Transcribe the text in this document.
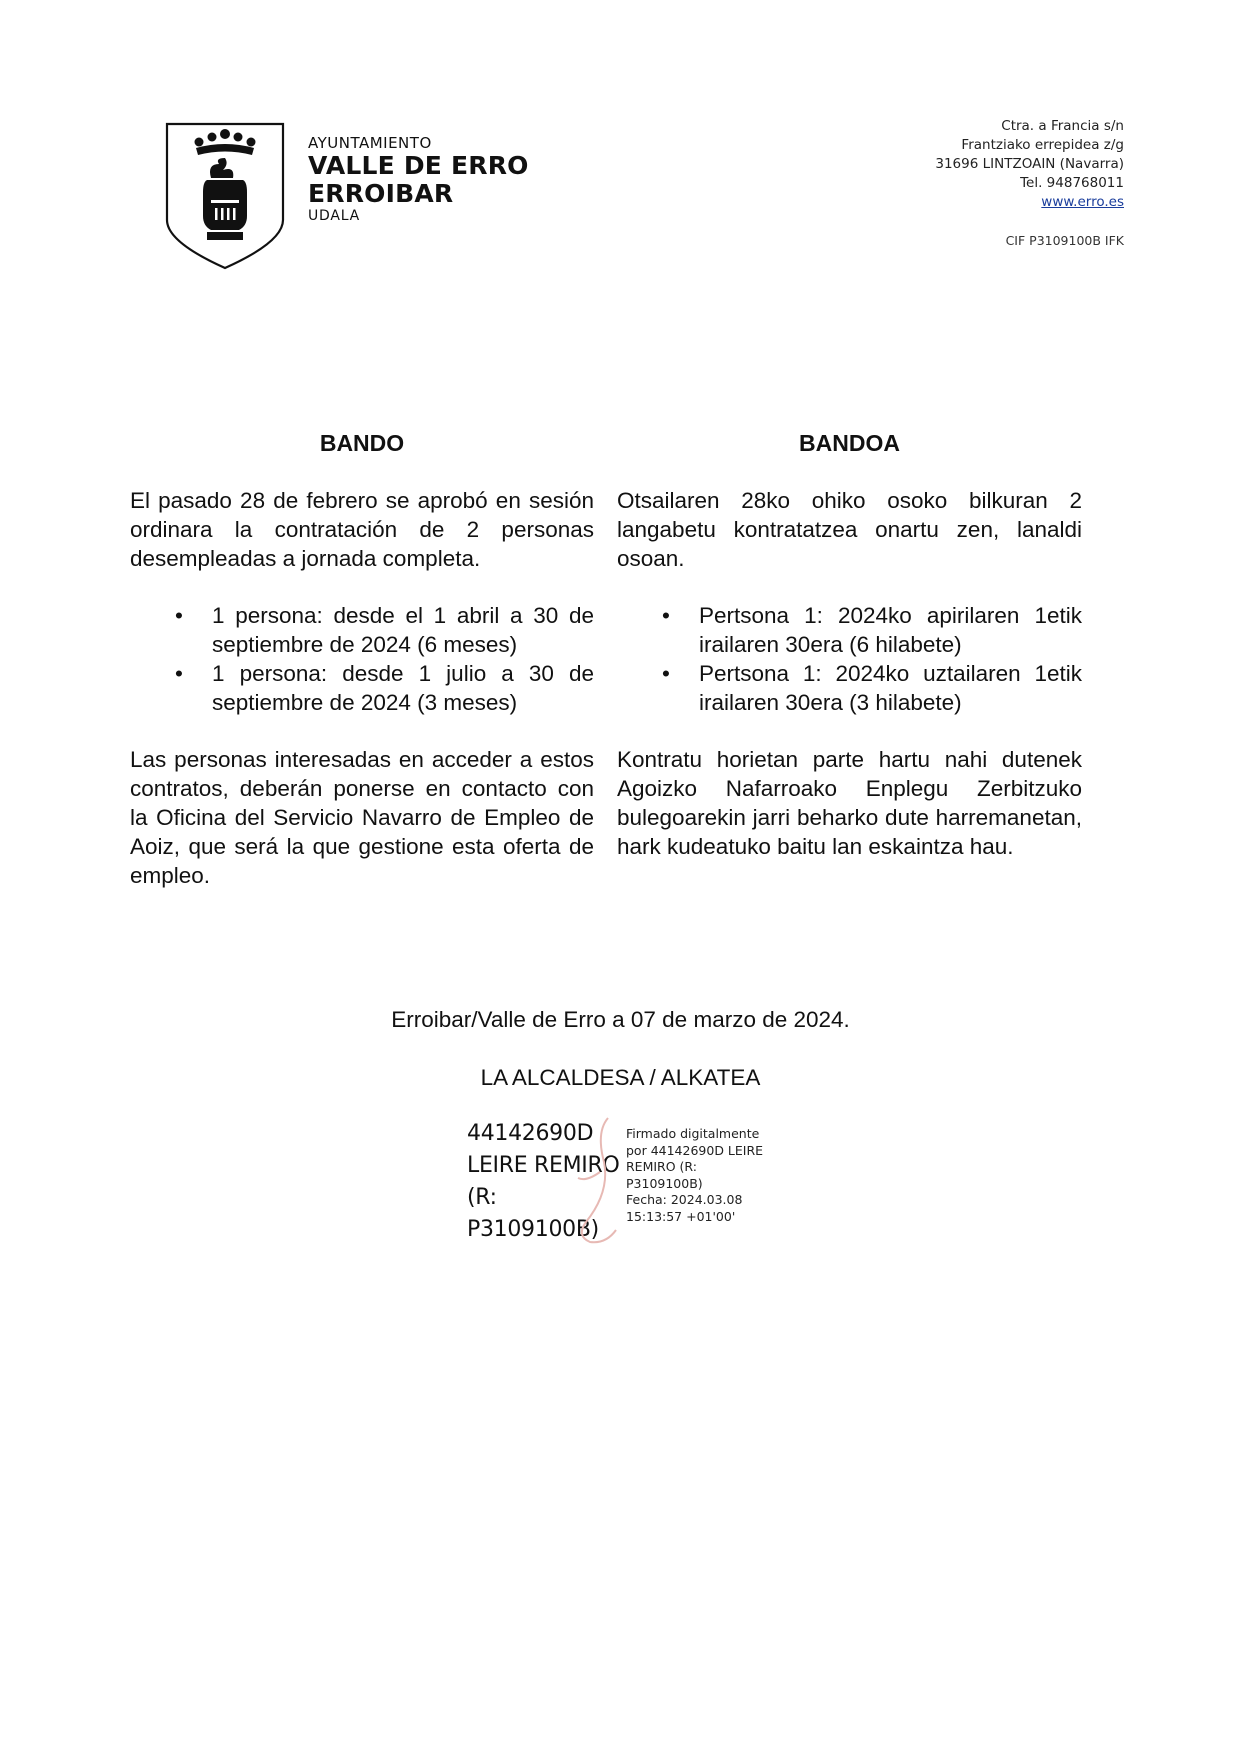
AYUNTAMIENTO
VALLE DE ERRO
ERROIBAR
UDALA
Ctra. a Francia s/n
Frantziako errepidea z/g
31696 LINTZOAIN (Navarra)
Tel. 948768011
www.erro.es
CIF P3109100B IFK
BANDO

El pasado 28 de febrero se aprobó en sesión ordinara la contratación de 2 personas desempleadas a jornada completa.

• 1 persona: desde el 1 abril a 30 de septiembre de 2024 (6 meses)
• 1 persona: desde 1 julio a 30 de septiembre de 2024 (3 meses)

Las personas interesadas en acceder a estos contratos, deberán ponerse en contacto con la Oficina del Servicio Navarro de Empleo de Aoiz, que será la que gestione esta oferta de empleo.

BANDOA

Otsailaren 28ko ohiko osoko bilkuran 2 langabetu kontratatzea onartu zen, lanaldi osoan.

• Pertsona 1: 2024ko apirilaren 1etik irailaren 30era (6 hilabete)
• Pertsona 1: 2024ko uztailaren 1etik irailaren 30era (3 hilabete)

Kontratu horietan parte hartu nahi dutenek Agoizko Nafarroako Enplegu Zerbitzuko bulegoarekin jarri beharko dute harremanetan, hark kudeatuko baitu lan eskaintza hau.

Erroibar/Valle de Erro a 07 de marzo de 2024.
LA ALCALDESA / ALKATEA
44142690D
LEIRE REMIRO
(R:
P3109100B)
Firmado digitalmente
por 44142690D LEIRE
REMIRO (R:
P3109100B)
Fecha: 2024.03.08
15:13:57 +01'00'
